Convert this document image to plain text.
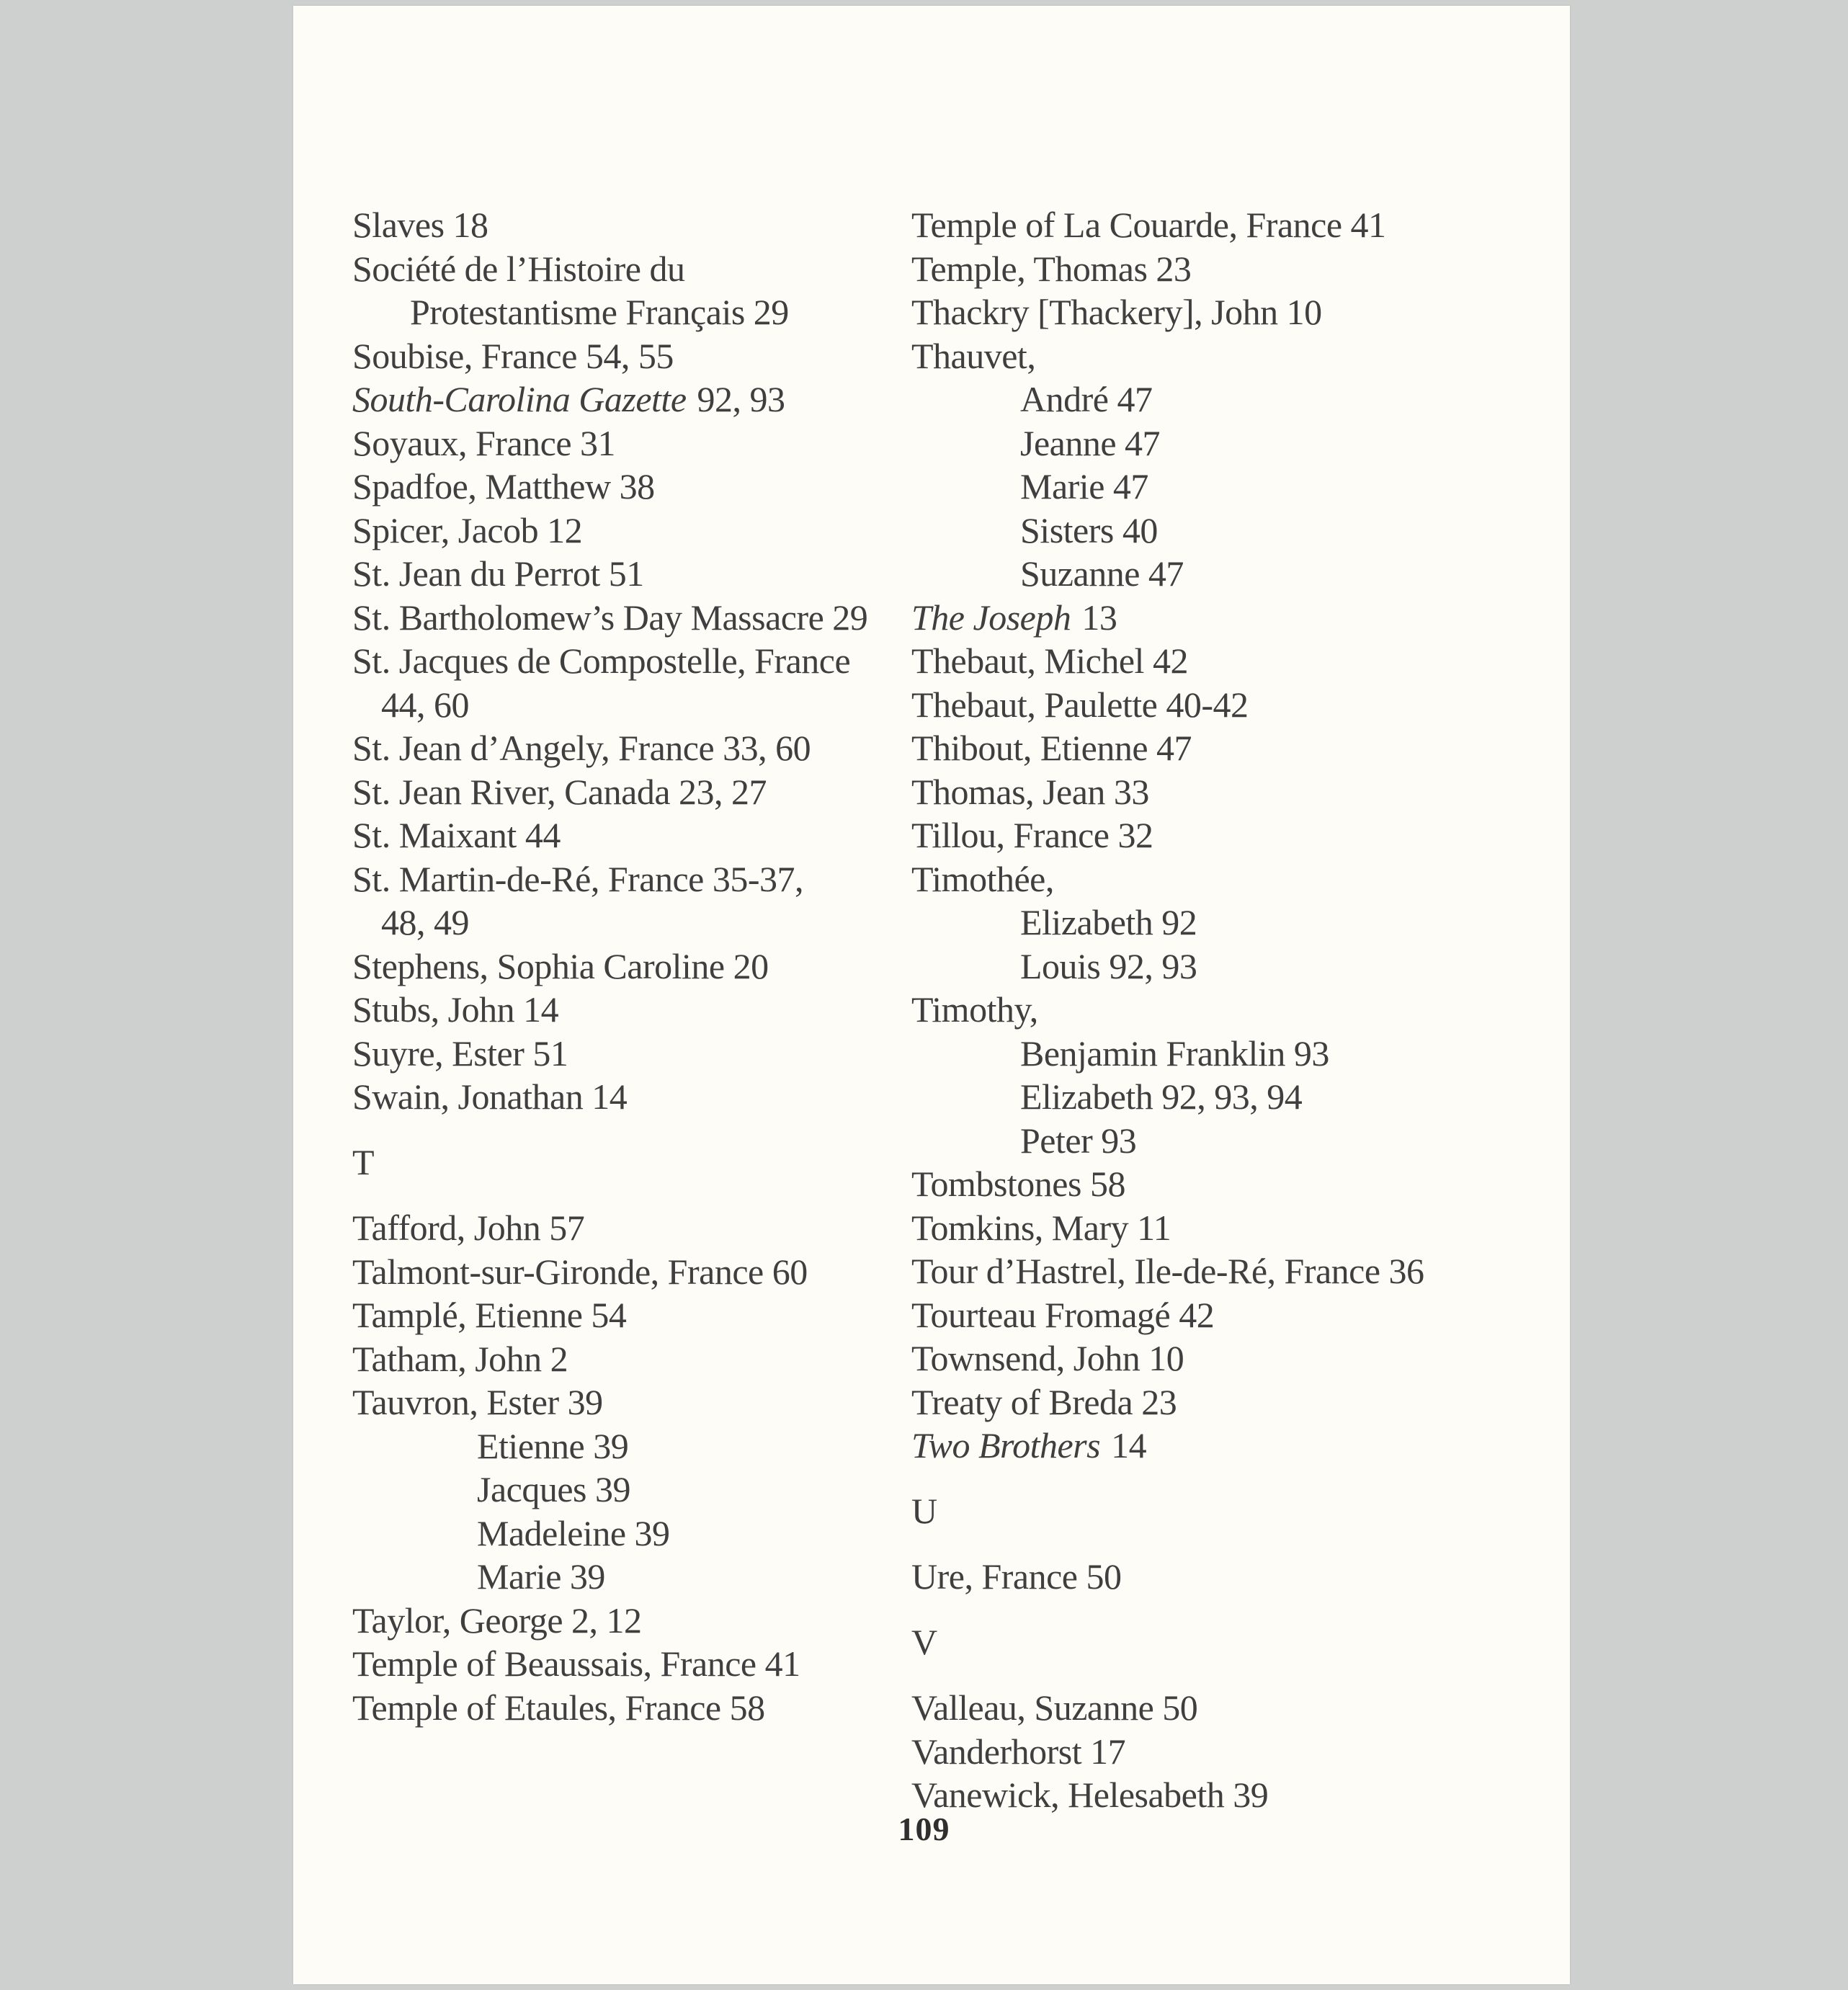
Slaves 18
Société de l’Histoire du
Protestantisme Français 29
Soubise, France 54, 55
South-Carolina Gazette 92, 93
Soyaux, France 31
Spadfoe, Matthew 38
Spicer, Jacob 12
St. Jean du Perrot 51
St. Bartholomew’s Day Massacre 29
St. Jacques de Compostelle, France
44, 60
St. Jean d’Angely, France 33, 60
St. Jean River, Canada 23, 27
St. Maixant 44
St. Martin-de-Ré, France 35-37,
48, 49
Stephens, Sophia Caroline 20
Stubs, John 14
Suyre, Ester 51
Swain, Jonathan 14
T
Tafford, John 57
Talmont-sur-Gironde, France 60
Tamplé, Etienne 54
Tatham, John 2
Tauvron, Ester 39
Etienne 39
Jacques 39
Madeleine 39
Marie 39
Taylor, George 2, 12
Temple of Beaussais, France 41
Temple of Etaules, France 58
Temple of La Couarde, France 41
Temple, Thomas 23
Thackry [Thackery], John 10
Thauvet,
André 47
Jeanne 47
Marie 47
Sisters 40
Suzanne 47
The Joseph 13
Thebaut, Michel 42
Thebaut, Paulette 40-42
Thibout, Etienne 47
Thomas, Jean 33
Tillou, France 32
Timothée,
Elizabeth 92
Louis 92, 93
Timothy,
Benjamin Franklin 93
Elizabeth 92, 93, 94
Peter 93
Tombstones 58
Tomkins, Mary 11
Tour d’Hastrel, Ile-de-Ré, France 36
Tourteau Fromagé 42
Townsend, John 10
Treaty of Breda 23
Two Brothers 14
U
Ure, France 50
V
Valleau, Suzanne 50
Vanderhorst 17
Vanewick, Helesabeth 39
109
